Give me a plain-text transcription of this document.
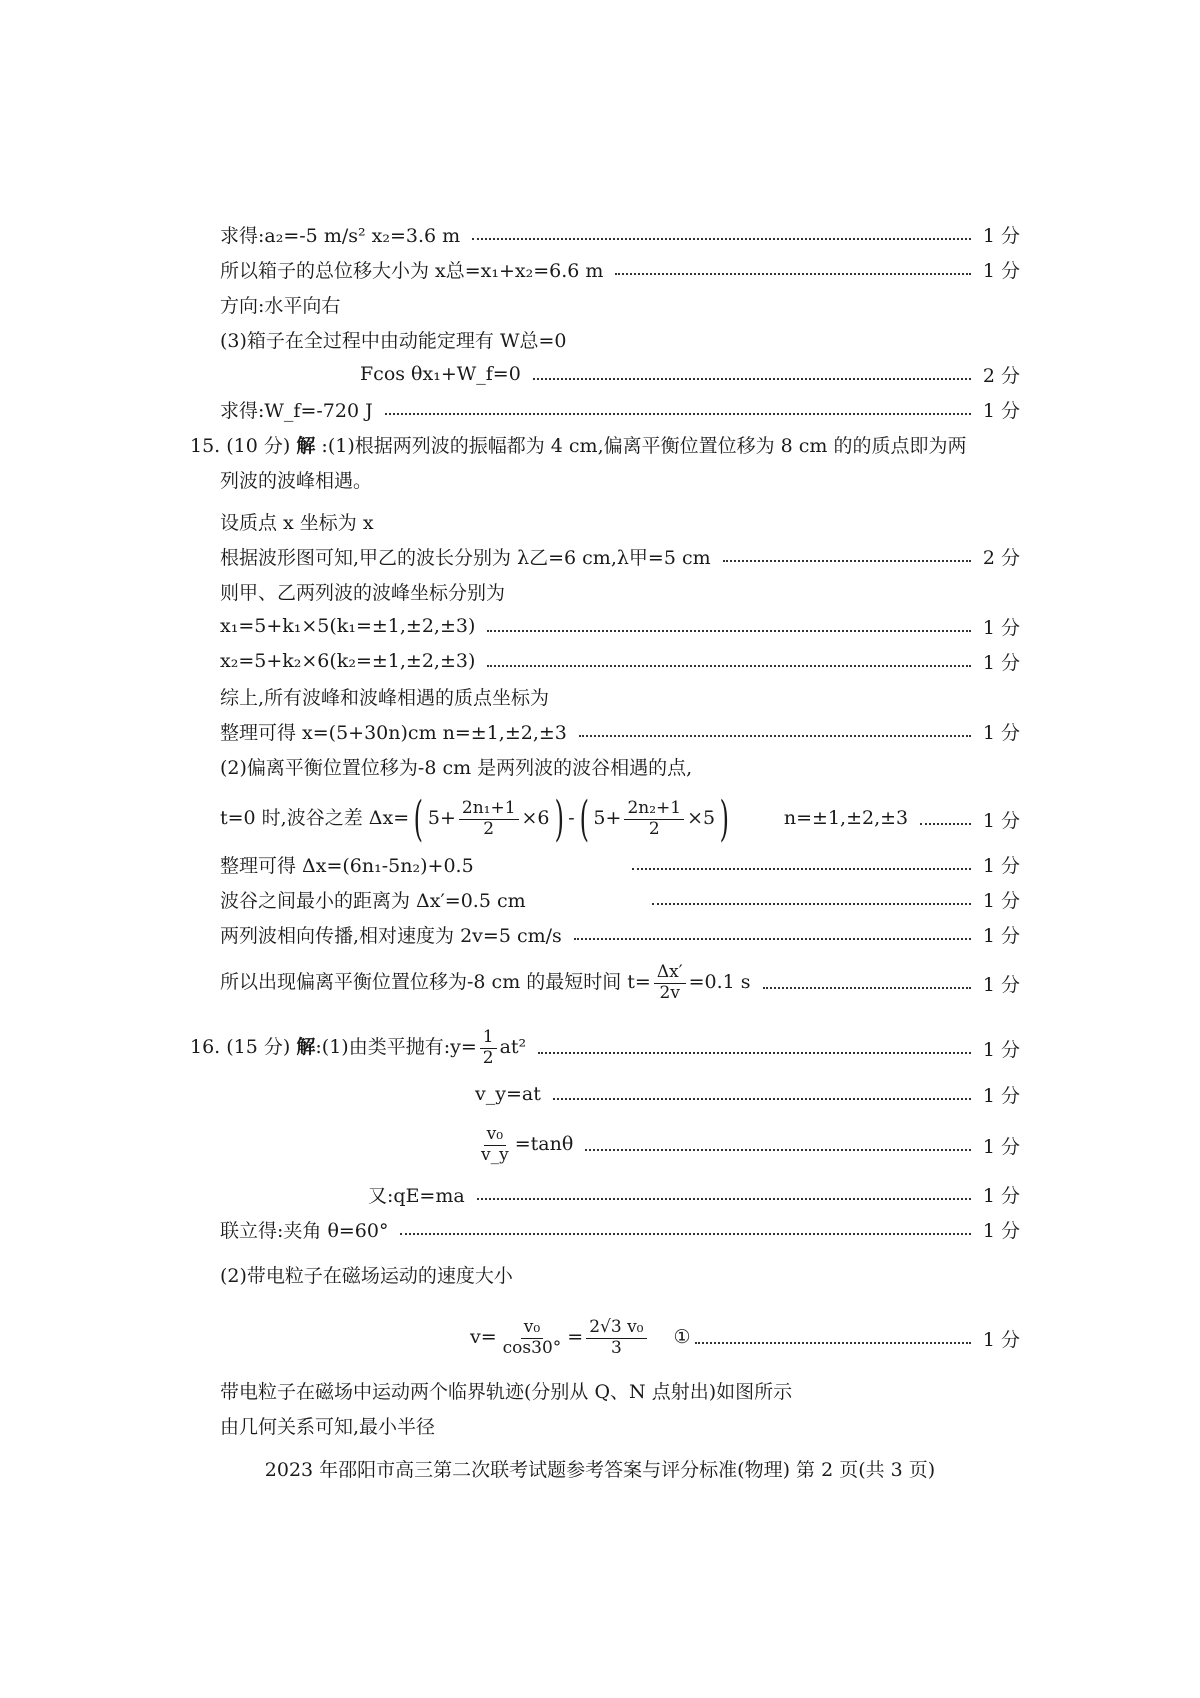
求得:a₂=-5 m/s² x₂=3.6 m	1 分
所以箱子的总位移大小为 x总=x₁+x₂=6.6 m	1 分
方向:水平向右
(3)箱子在全过程中由动能定理有 W总=0
Fcos θx₁+W_f=0	2 分
求得:W_f=-720 J	1 分
15. (10 分) 解 :(1)根据两列波的振幅都为 4 cm,偏离平衡位置位移为 8 cm 的的质点即为两
列波的波峰相遇。
设质点 x 坐标为 x
根据波形图可知,甲乙的波长分别为 λ乙=6 cm,λ甲=5 cm	2 分
则甲、乙两列波的波峰坐标分别为
x₁=5+k₁×5(k₁=±1,±2,±3)	1 分
x₂=5+k₂×6(k₂=±1,±2,±3)	1 分
综上,所有波峰和波峰相遇的质点坐标为
整理可得 x=(5+30n)cm n=±1,±2,±3	1 分
(2)偏离平衡位置位移为-8 cm 是两列波的波谷相遇的点,
t=0 时,波谷之差 Δx=( $5+ \frac{\text{2n₁+1}}{2} \times 6$) -( $5+ \frac{\text{2n₂+1}}{2} \times 5$)	n=±1,±2,±3	1 分
整理可得 Δx=(6n₁-5n₂)+0.5	1 分
波谷之间最小的距离为 Δx′=0.5 cm	1 分
两列波相向传播,相对速度为 2v=5 cm/s	1 分
所以出现偏离平衡位置位移为-8 cm 的最短时间 $t= \frac{\Delta x'}{2v} =0.1$ s	1 分
16. (15 分) 解:(1)由类平抛有:y= $\frac{1}{2} at^2$	1 分
v_y=at	1 分
$\frac{\text{v₀}}{v\_y} =\tan\theta$	1 分
又:qE=ma	1 分
联立得:夹角 θ=60°	1 分
(2)带电粒子在磁场运动的速度大小
$v= \frac{\text{v₀}}{\cos 30^\circ} = \frac{\text{2√3 v₀}}{3}$ ①	1 分
带电粒子在磁场中运动两个临界轨迹(分别从 Q、N 点射出)如图所示
由几何关系可知,最小半径
2023 年邵阳市高三第二次联考试题参考答案与评分标准(物理) 第 2 页(共 3 页)
